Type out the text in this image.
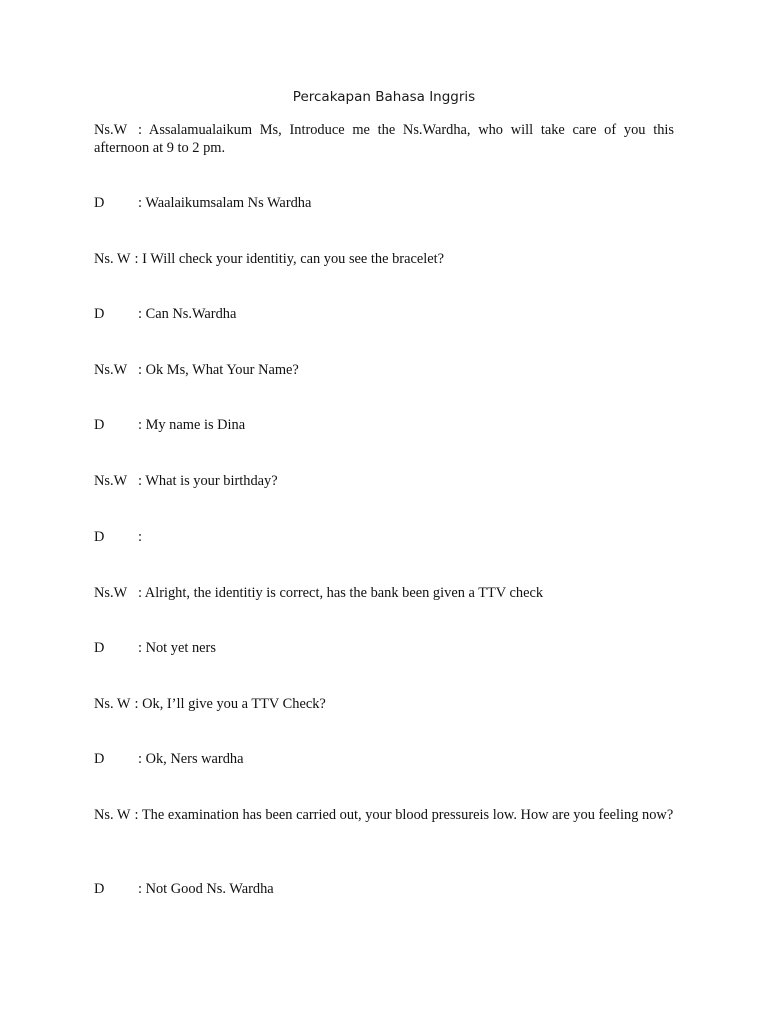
Percakapan Bahasa Inggris
Ns.W : Assalamualaikum Ms, Introduce me the Ns.Wardha, who will take care of you this afternoon at 9 to 2 pm.
D : Waalaikumsalam Ns Wardha
Ns. W : I Will check your identitiy, can you see the bracelet?
D : Can Ns.Wardha
Ns.W : Ok Ms, What Your Name?
D : My name is Dina
Ns.W : What is your birthday?
D :
Ns.W : Alright, the identitiy is correct, has the bank been given a TTV check
D : Not yet ners
Ns. W : Ok, I’ll give you a TTV Check?
D : Ok, Ners wardha
Ns. W : The examination has been carried out, your blood pressureis low. How are you feeling now?
D : Not Good Ns. Wardha
